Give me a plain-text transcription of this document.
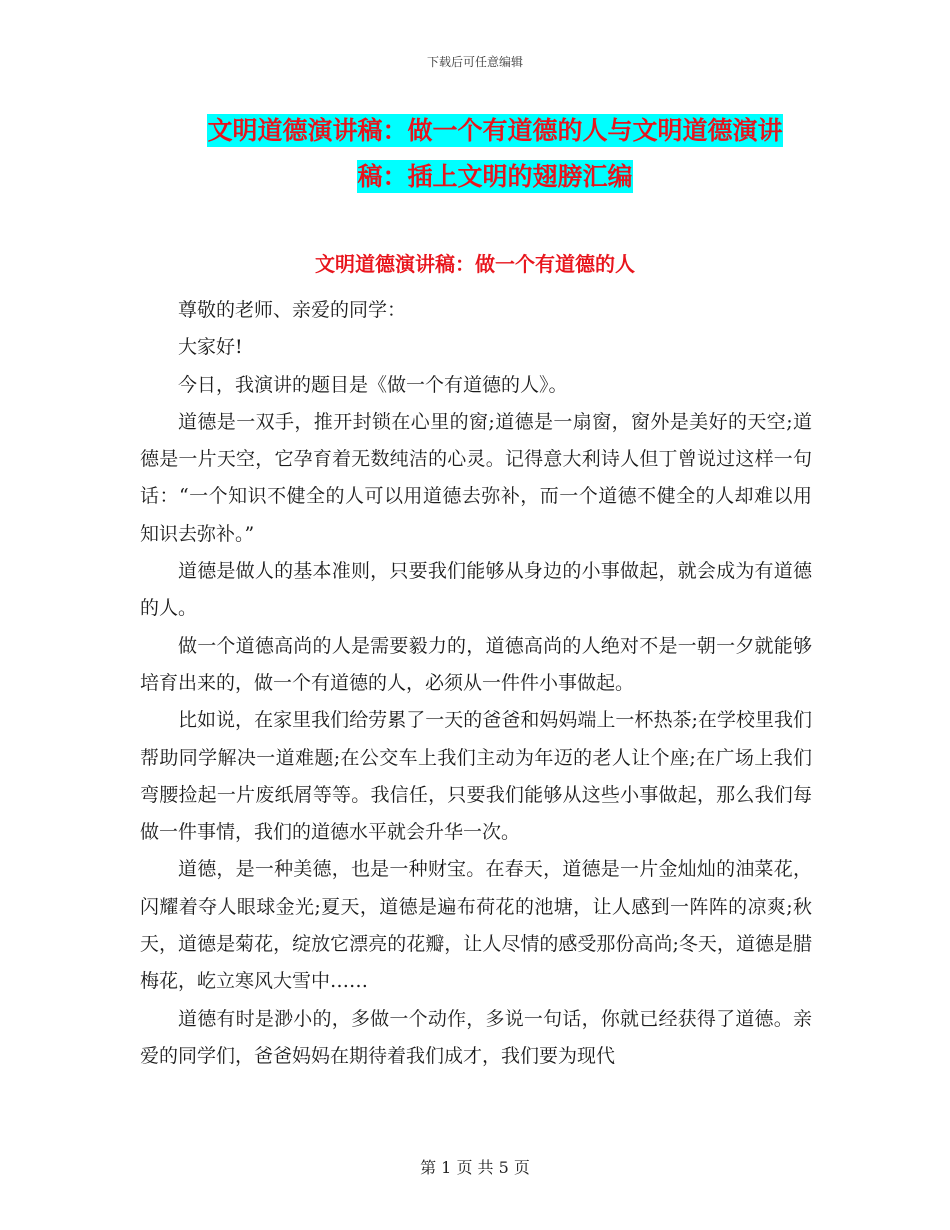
下载后可任意编辑
文明道德演讲稿：做一个有道德的人与文明道德演讲
稿：插上文明的翅膀汇编
文明道德演讲稿：做一个有道德的人

尊敬的老师、亲爱的同学：

大家好!

今日，我演讲的题目是《做一个有道德的人》。

道德是一双手，推开封锁在心里的窗;道德是一扇窗，窗外是美好的天空;道德是一片天空，它孕育着无数纯洁的心灵。记得意大利诗人但丁曾说过这样一句话：“一个知识不健全的人可以用道德去弥补，而一个道德不健全的人却难以用知识去弥补。”

道德是做人的基本准则，只要我们能够从身边的小事做起，就会成为有道德的人。

做一个道德高尚的人是需要毅力的，道德高尚的人绝对不是一朝一夕就能够培育出来的，做一个有道德的人，必须从一件件小事做起。

比如说，在家里我们给劳累了一天的爸爸和妈妈端上一杯热茶;在学校里我们帮助同学解决一道难题;在公交车上我们主动为年迈的老人让个座;在广场上我们弯腰捡起一片废纸屑等等。我信任，只要我们能够从这些小事做起，那么我们每做一件事情，我们的道德水平就会升华一次。

道德，是一种美德，也是一种财宝。在春天，道德是一片金灿灿的油菜花，闪耀着夺人眼球金光;夏天，道德是遍布荷花的池塘，让人感到一阵阵的凉爽;秋天，道德是菊花，绽放它漂亮的花瓣，让人尽情的感受那份高尚;冬天，道德是腊梅花，屹立寒风大雪中……

道德有时是渺小的，多做一个动作，多说一句话，你就已经获得了道德。亲爱的同学们，爸爸妈妈在期待着我们成才，我们要为现代

第 1 页 共 5 页
